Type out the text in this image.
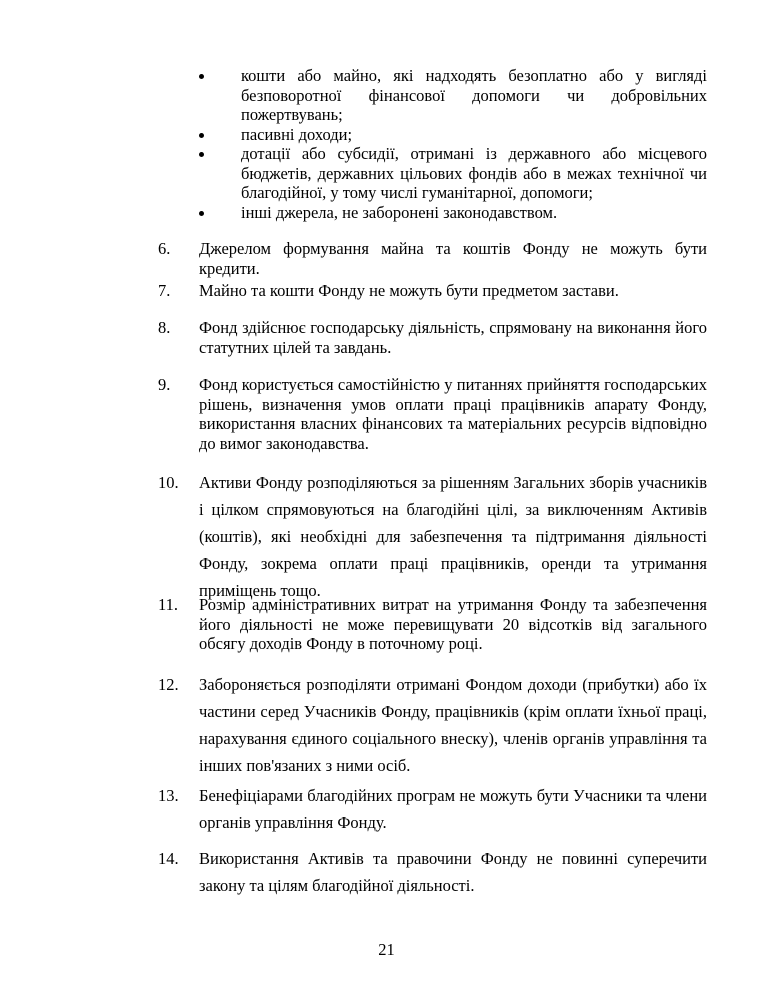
кошти або майно, які надходять безоплатно або у вигляді безповоротної фінансової допомоги чи добровільних пожертвувань;
пасивні доходи;
дотації або субсидії, отримані із державного або місцевого бюджетів, державних цільових фондів або в межах технічної чи благодійної, у тому числі гуманітарної, допомоги;
інші джерела, не заборонені законодавством.
6.	Джерелом формування майна та коштів Фонду не можуть бути кредити.
7.	Майно та кошти Фонду не можуть бути предметом застави.
8.	Фонд здійснює господарську діяльність, спрямовану на виконання його статутних цілей та завдань.
9.	Фонд користується самостійністю у питаннях прийняття господарських рішень, визначення умов оплати праці працівників апарату Фонду, використання власних фінансових та матеріальних ресурсів відповідно до вимог законодавства.
10.	Активи Фонду розподіляються за рішенням Загальних зборів учасників і цілком спрямовуються на благодійні цілі, за виключенням Активів (коштів), які необхідні для забезпечення та підтримання діяльності Фонду, зокрема оплати праці працівників, оренди та утримання приміщень тощо.
11.	Розмір адміністративних витрат на утримання Фонду та забезпечення його діяльності не може перевищувати 20 відсотків від загального обсягу доходів Фонду в поточному році.
12.	Забороняється розподіляти отримані Фондом доходи (прибутки) або їх частини серед Учасників Фонду, працівників (крім оплати їхньої праці, нарахування єдиного соціального внеску), членів органів управління та інших пов'язаних з ними осіб.
13.	Бенефіціарами благодійних програм не можуть бути Учасники та члени органів управління Фонду.
14.	Використання Активів та правочини Фонду не повинні суперечити закону та цілям благодійної діяльності.
21
